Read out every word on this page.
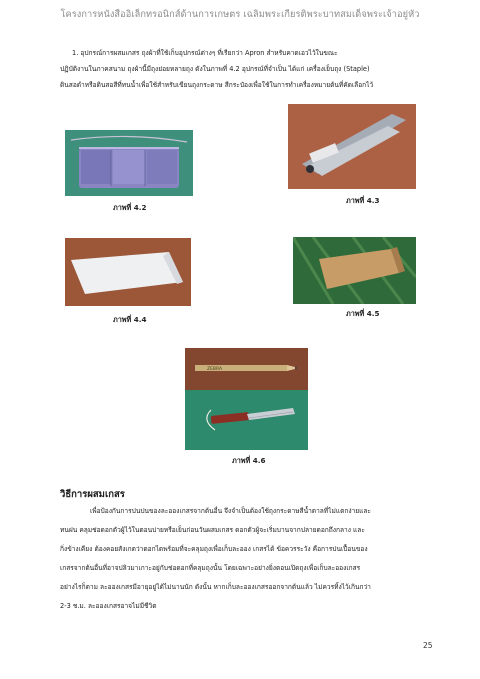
โครงการหนังสืออิเล็กทรอนิกส์ด้านการเกษตร เฉลิมพระเกียรติพระบาทสมเด็จพระเจ้าอยู่หัว
1. อุปกรณ์การผสมเกสร ถุงผ้าที่ใช้เก็บอุปกรณ์ต่างๆ ที่เรียกว่า Apron สำหรับคาดเอวไว้ในขณะ
ปฏิบัติงานในภาคสนาม ถุงผ้านี้มีถุงย่อยหลายถุง ดังในภาพที่ 4.2 อุปกรณ์ที่จำเป็น ได้แก่ เครื่องเย็บถุง (Staple)
ดินสอดำหรือดินสอสีที่ทนน้ำเพื่อใช้สำหรับเขียนถุงกระดาษ สีกระป๋องเพื่อใช้ในการทำเครื่องหมายต้นที่คัดเลือกไว้
ภาพที่ 4.2
ภาพที่ 4.3
ภาพที่ 4.4
ภาพที่ 4.5
ZEBRA
ภาพที่ 4.6
วิธีการผสมเกสร
เพื่อป้องกันการปนปนของละอองเกสรจากต้นอื่น จึงจำเป็นต้องใช้ถุงกระดาษสีน้ำตาลที่ไม่แตกง่ายและ
ทนฝน คลุมช่อดอกตัวผู้ไว้ในตอนบ่ายหรือเย็นก่อนวันผสมเกสร ดอกตัวผู้จะเริ่มบานจากปลายดอกถึงกลาง และ
กิ่งข้างเคียง ต้องคอยสังเกตว่าดอกไดพร้อมที่จะคลุมถุงเพื่อเก็บละออง เกสรได้ ข้อควรระวัง คือการปนเปื้อนของ
เกสรจากต้นอื่นที่อาจปลิวมาเกาะอยู่กับช่อดอกที่คลุมถุงนั้น โดยเฉพาะอย่างยิ่งตอนเปิดถุงเพื่อเก็บละอองเกสร
อย่างไรก็ตาม ละอองเกสรมีอายุอยู่ได้ไม่นานนัก ดังนั้น หากเก็บละอองเกสรออกจากต้นแล้ว ไม่ควรทิ้งไว้เกินกว่า
2-3 ช.ม. ละอองเกสรอาจไม่มีชีวิต
25
